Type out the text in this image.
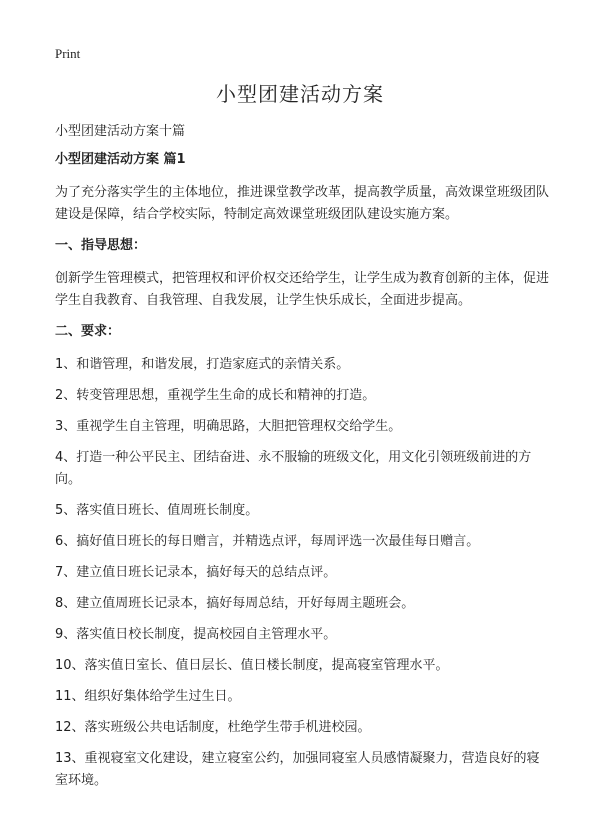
Print
小型团建活动方案

小型团建活动方案十篇

小型团建活动方案 篇1

为了充分落实学生的主体地位，推进课堂教学改革，提高教学质量，高效课堂班级团队建设是保障，结合学校实际，特制定高效课堂班级团队建设实施方案。

一、指导思想：

创新学生管理模式，把管理权和评价权交还给学生，让学生成为教育创新的主体，促进学生自我教育、自我管理、自我发展，让学生快乐成长，全面进步提高。

二、要求：

1、和谐管理，和谐发展，打造家庭式的亲情关系。

2、转变管理思想，重视学生生命的成长和精神的打造。

3、重视学生自主管理，明确思路，大胆把管理权交给学生。

4、打造一种公平民主、团结奋进、永不服输的班级文化，用文化引领班级前进的方向。

5、落实值日班长、值周班长制度。

6、搞好值日班长的每日赠言，并精选点评，每周评选一次最佳每日赠言。

7、建立值日班长记录本，搞好每天的总结点评。

8、建立值周班长记录本，搞好每周总结，开好每周主题班会。

9、落实值日校长制度，提高校园自主管理水平。

10、落实值日室长、值日层长、值日楼长制度，提高寝室管理水平。

11、组织好集体给学生过生日。

12、落实班级公共电话制度，杜绝学生带手机进校园。

13、重视寝室文化建设，建立寝室公约，加强同寝室人员感情凝聚力，营造良好的寝室环境。
